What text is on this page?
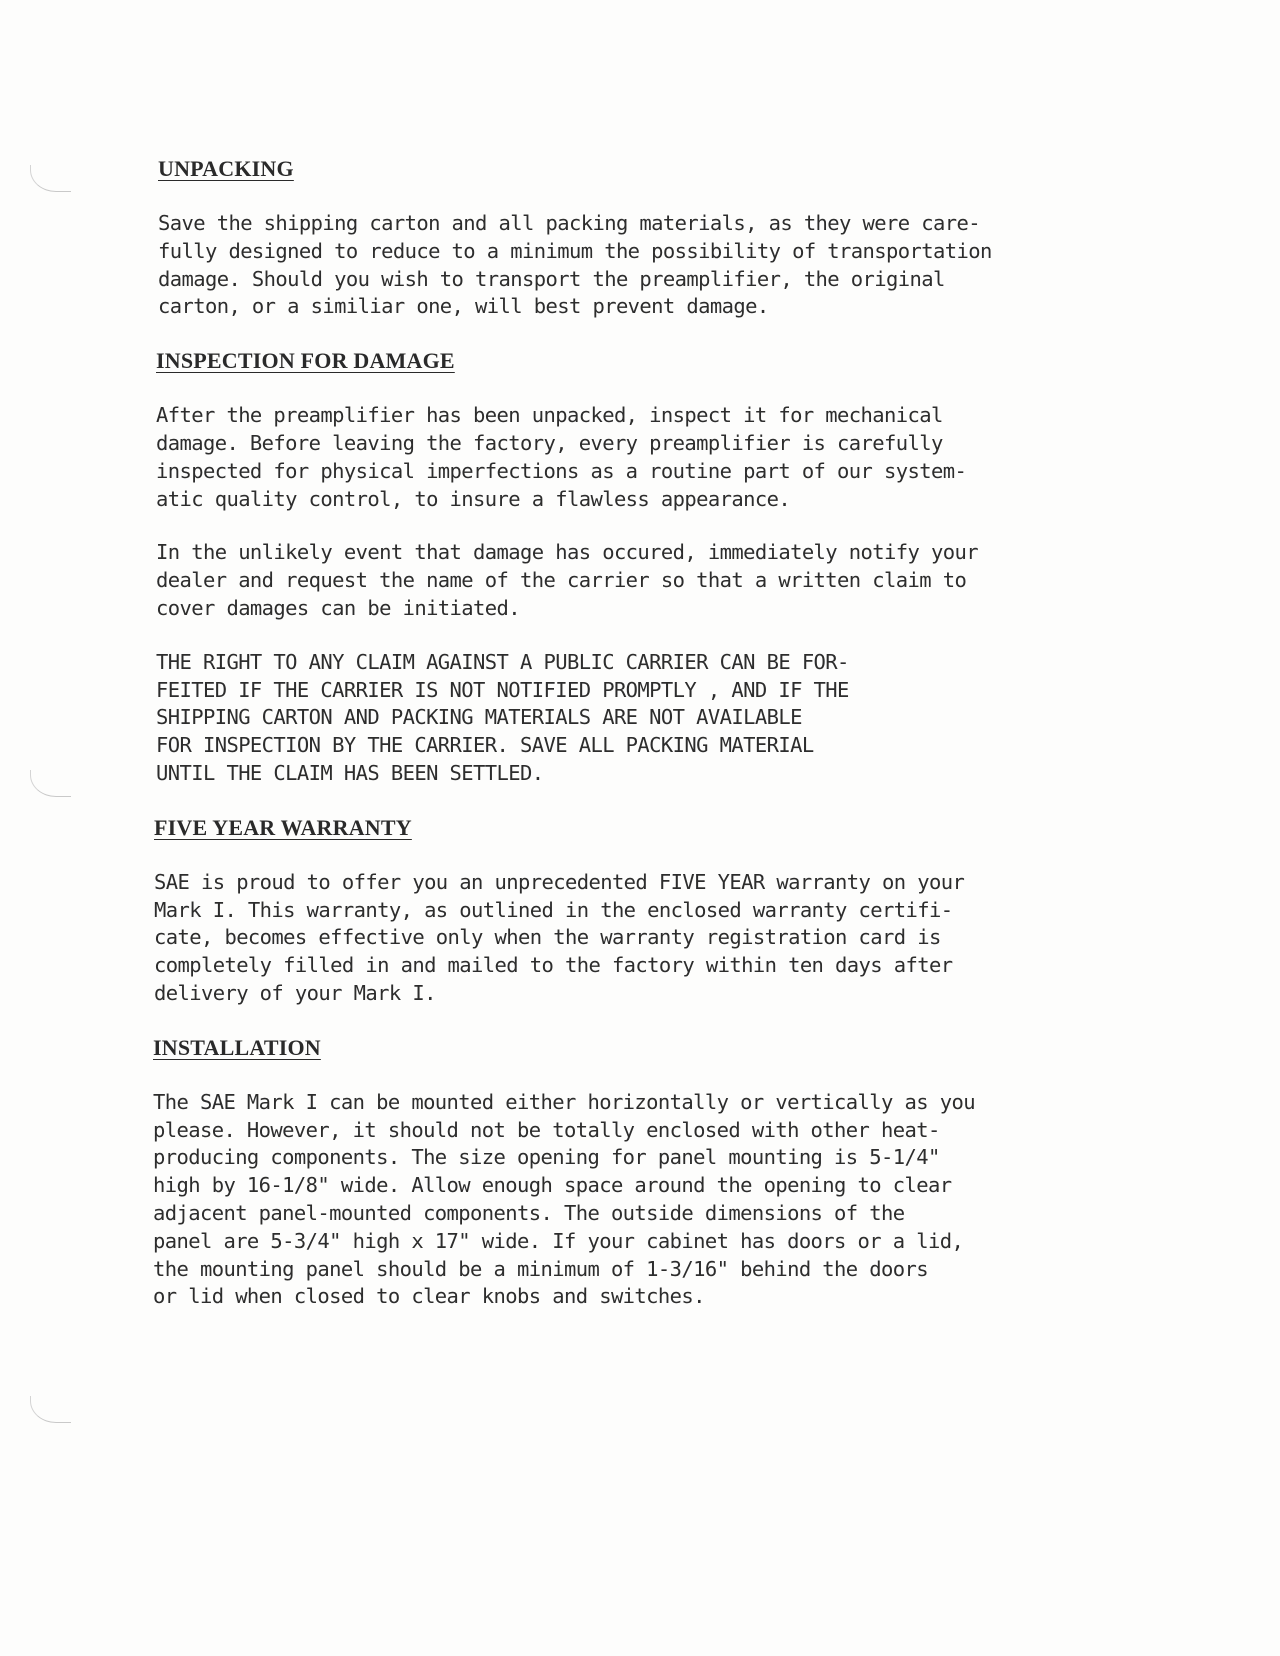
UNPACKING

Save the shipping carton and all packing materials, as they were care-
fully designed to reduce to a minimum the possibility of transportation
damage. Should you wish to transport the preamplifier, the original
carton, or a similiar one, will best prevent damage.

INSPECTION FOR DAMAGE

After the preamplifier has been unpacked, inspect it for mechanical
damage. Before leaving the factory, every preamplifier is carefully
inspected for physical imperfections as a routine part of our system-
atic quality control, to insure a flawless appearance.

In the unlikely event that damage has occured, immediately notify your
dealer and request the name of the carrier so that a written claim to
cover damages can be initiated.

THE RIGHT TO ANY CLAIM AGAINST A PUBLIC CARRIER CAN BE FOR-
FEITED IF THE CARRIER IS NOT NOTIFIED PROMPTLY , AND IF THE
SHIPPING CARTON AND PACKING MATERIALS ARE NOT AVAILABLE
FOR INSPECTION BY THE CARRIER. SAVE ALL PACKING MATERIAL
UNTIL THE CLAIM HAS BEEN SETTLED.

FIVE YEAR WARRANTY

SAE is proud to offer you an unprecedented FIVE YEAR warranty on your
Mark I. This warranty, as outlined in the enclosed warranty certifi-
cate, becomes effective only when the warranty registration card is
completely filled in and mailed to the factory within ten days after
delivery of your Mark I.

INSTALLATION

The SAE Mark I can be mounted either horizontally or vertically as you
please. However, it should not be totally enclosed with other heat-
producing components. The size opening for panel mounting is 5-1/4"
high by 16-1/8" wide. Allow enough space around the opening to clear
adjacent panel-mounted components. The outside dimensions of the
panel are 5-3/4" high x 17" wide. If your cabinet has doors or a lid,
the mounting panel should be a minimum of 1-3/16" behind the doors
or lid when closed to clear knobs and switches.
